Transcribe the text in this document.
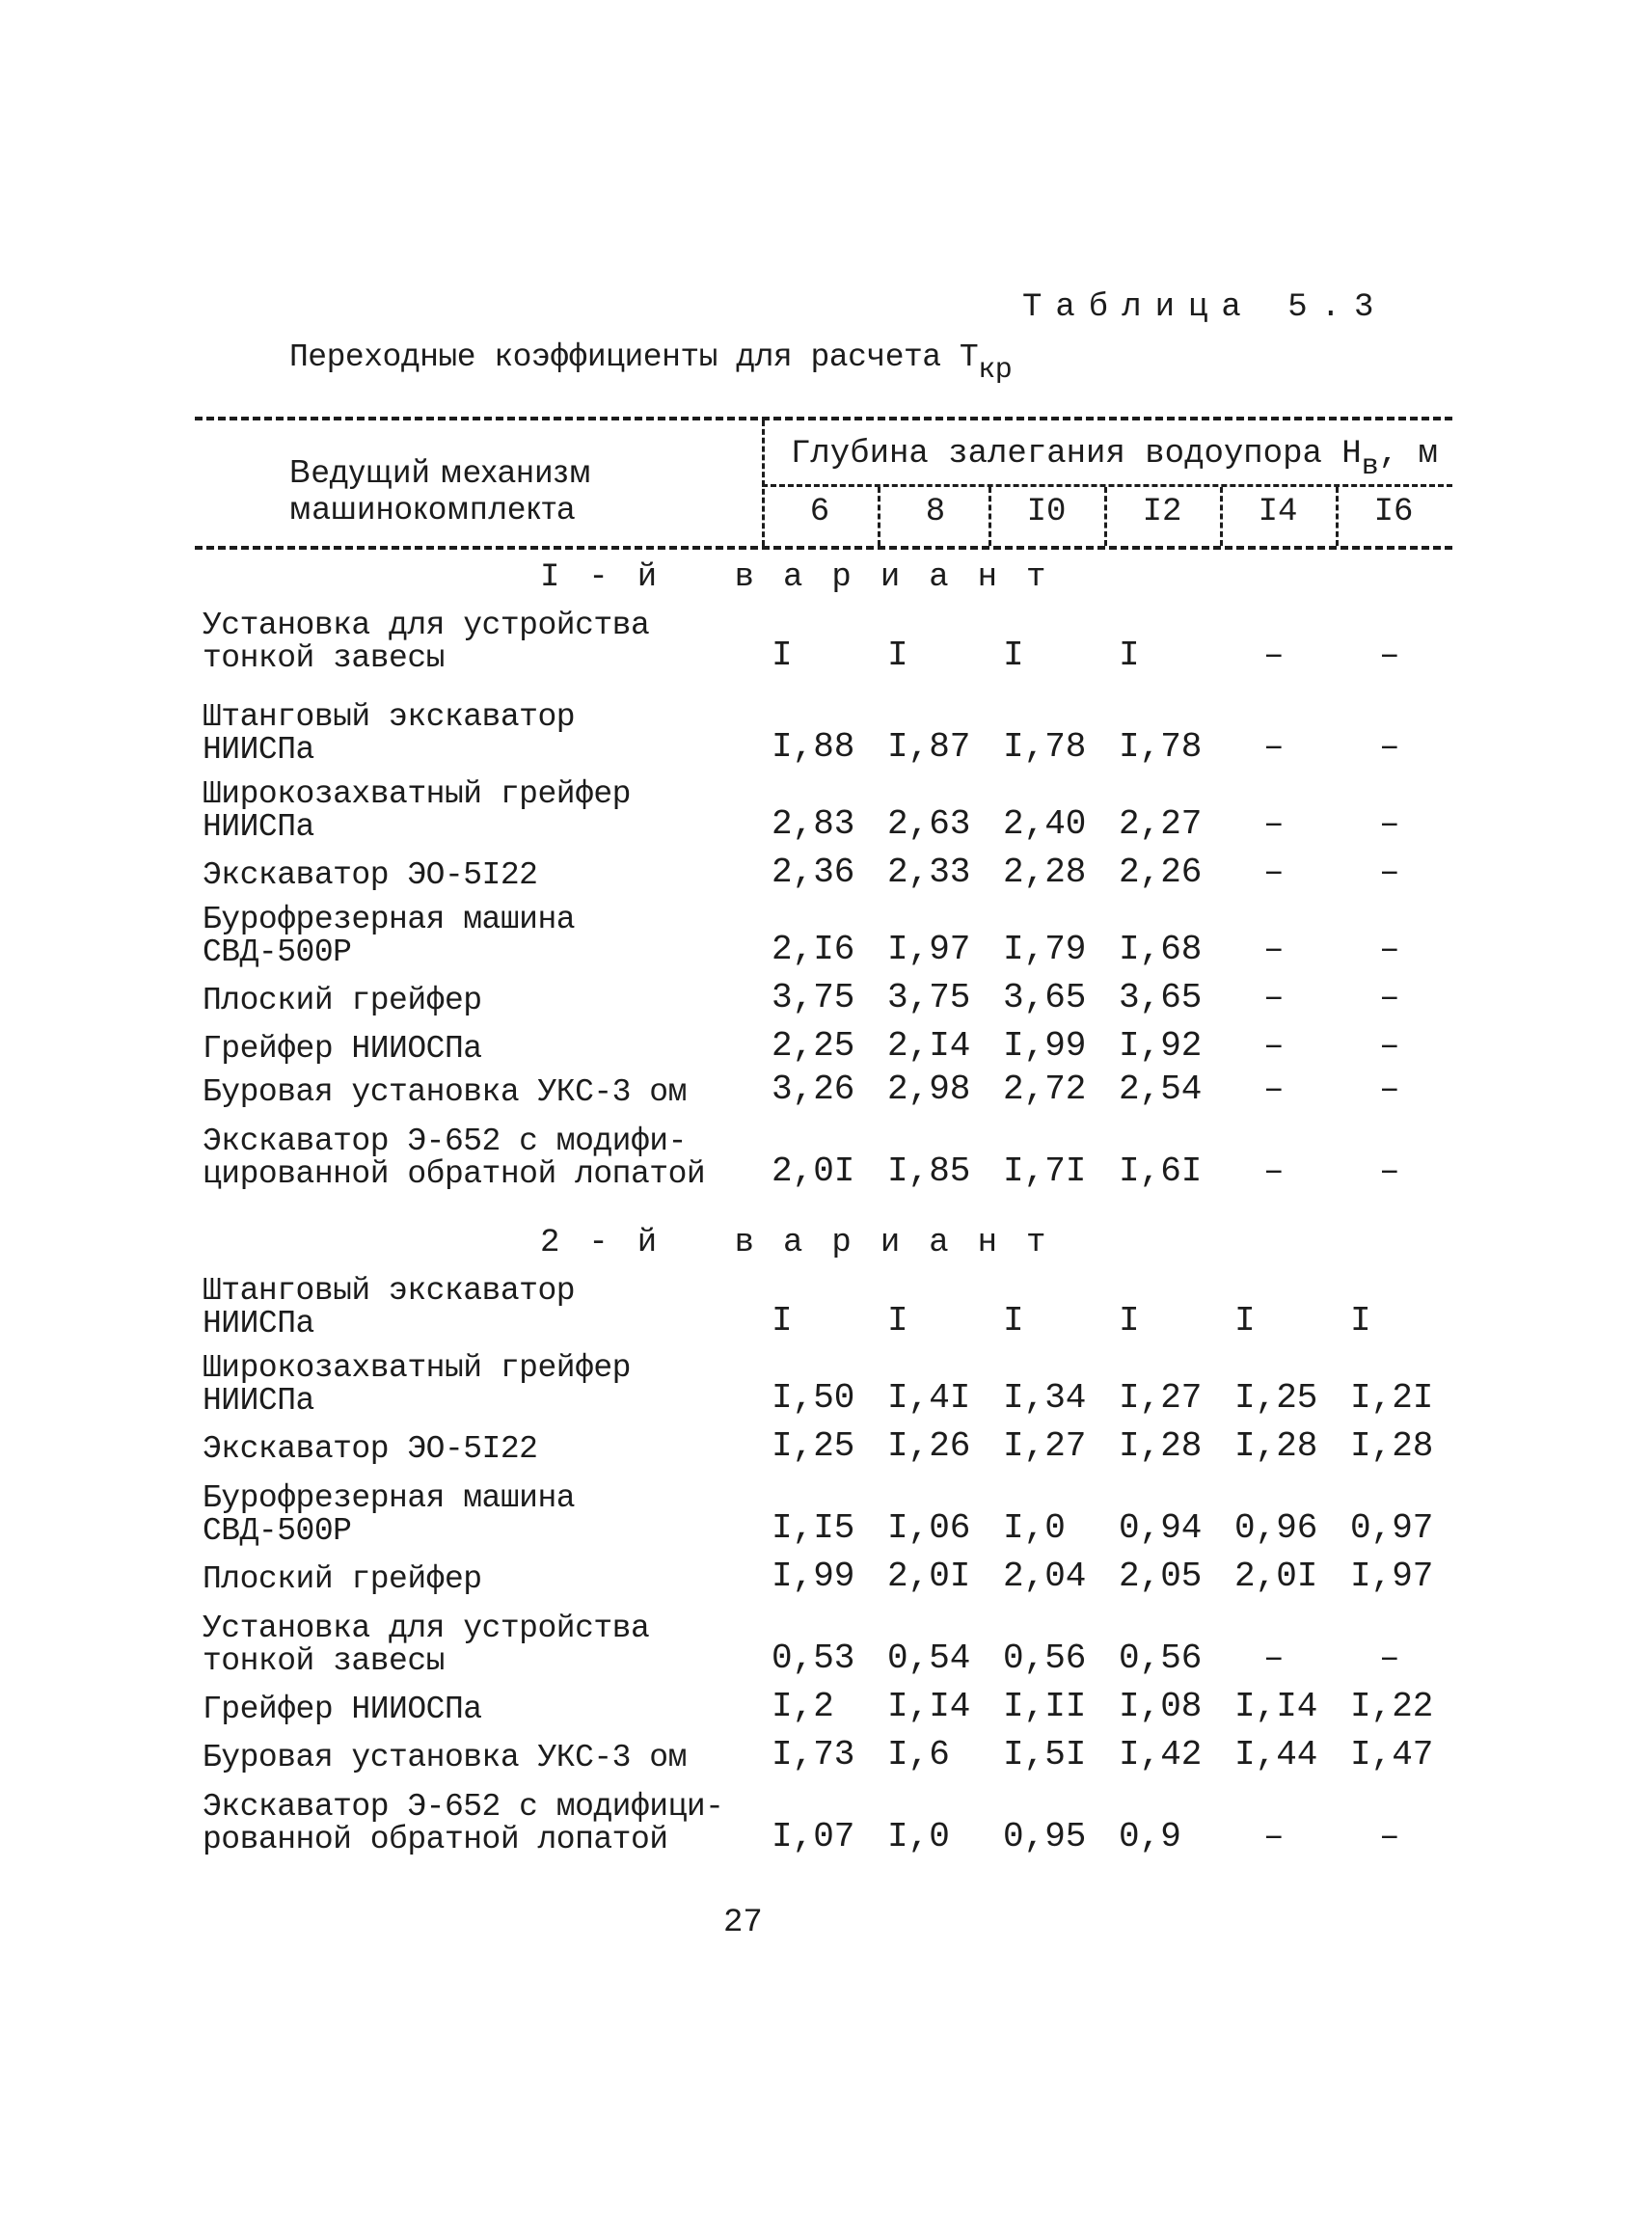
Таблица 5.3
Переходные коэффициенты для расчета $Т_{кр}$
Ведущий механизм
машинокомплекта
Глубина залегания водоупора $Н_в$, м
6	8	I0	I2	I4	I6
I-й вариант
Установка для устройства
тонкой завесы	I	I	I	I	–	–
Штанговый экскаватор
НИИСПа	I,88 I,87 I,78 I,78	–	–
Широкозахватный грейфер
НИИСПа	2,83 2,63 2,40 2,27	–	–
Экскаватор ЭО-5I22	2,36 2,33 2,28 2,26	–	–
Бурофрезерная машина
СВД-500Р	2,I6 I,97 I,79 I,68	–	–
Плоский грейфер	3,75 3,75 3,65 3,65	–	–
Грейфер НИИОСПа	2,25 2,I4 I,99 I,92	–	–
Буровая установка УКС-3 ом	3,26 2,98 2,72 2,54	–	–
Экскаватор Э-652 с модифи-
цированной обратной лопатой	2,0I I,85 I,7I I,6I	–	–
2-й вариант
Штанговый экскаватор
НИИСПа	I	I	I	I	I	I
Широкозахватный грейфер
НИИСПа	I,50 I,4I I,34 I,27 I,25 I,2I
Экскаватор ЭО-5I22	I,25 I,26 I,27 I,28 I,28 I,28
Бурофрезерная машина
СВД-500Р	I,I5 I,06 I,0	0,94 0,96 0,97
Плоский грейфер	I,99 2,0I 2,04 2,05 2,0I I,97
Установка для устройства
тонкой завесы	0,53 0,54 0,56 0,56	–	–
Грейфер НИИОСПа	I,2	I,I4 I,II I,08 I,I4 I,22
Буровая установка УКС-3 ом	I,73 I,6	I,5I I,42 I,44 I,47
Экскаватор Э-652 с модифици-
рованной обратной лопатой	I,07 I,0	0,95 0,9	–	–
27
